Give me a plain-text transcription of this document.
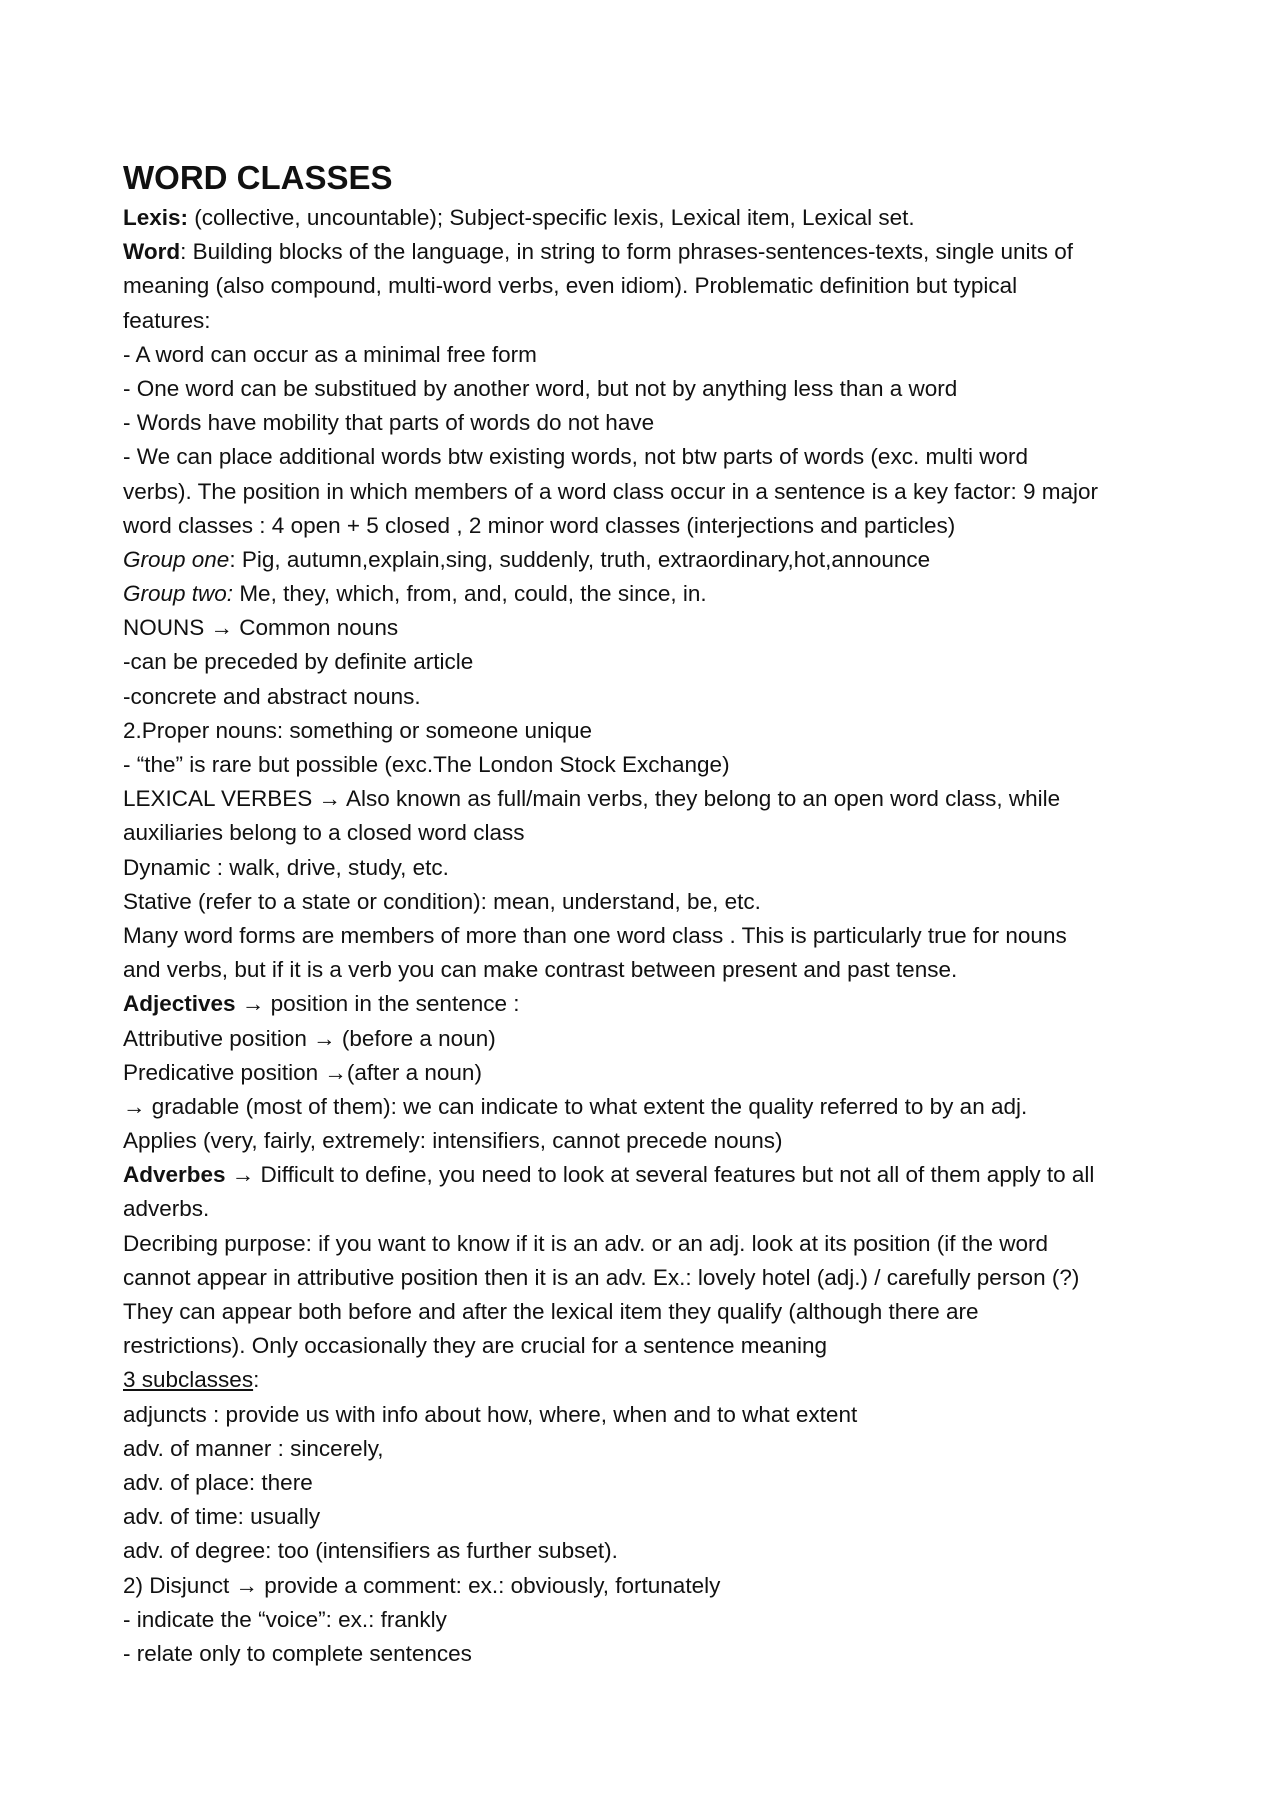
WORD CLASSES
Lexis: (collective, uncountable); Subject-specific lexis, Lexical item, Lexical set.
Word: Building blocks of the language, in string to form phrases-sentences-texts, single units of
meaning (also compound, multi-word verbs, even idiom). Problematic definition but typical
features:
- A word can occur as a minimal free form
- One word can be substitued by another word, but not by anything less than a word
- Words have mobility that parts of words do not have
- We can place additional words btw existing words, not btw parts of words (exc. multi word
verbs). The position in which members of a word class occur in a sentence is a key factor: 9 major
word classes : 4 open + 5 closed , 2 minor word classes (interjections and particles)
Group one: Pig, autumn,explain,sing, suddenly, truth, extraordinary,hot,announce
Group two: Me, they, which, from, and, could, the since, in.
NOUNS → Common nouns
-can be preceded by definite article
-concrete and abstract nouns.
2.Proper nouns: something or someone unique
- “the” is rare but possible (exc.The London Stock Exchange)
LEXICAL VERBES → Also known as full/main verbs, they belong to an open word class, while
auxiliaries belong to a closed word class
Dynamic : walk, drive, study, etc.
Stative (refer to a state or condition): mean, understand, be, etc.
Many word forms are members of more than one word class . This is particularly true for nouns
and verbs, but if it is a verb you can make contrast between present and past tense.
Adjectives → position in the sentence :
Attributive position → (before a noun)
Predicative position →(after a noun)
→ gradable (most of them): we can indicate to what extent the quality referred to by an adj.
Applies (very, fairly, extremely: intensifiers, cannot precede nouns)
Adverbes → Difficult to define, you need to look at several features but not all of them apply to all
adverbs.
Decribing purpose: if you want to know if it is an adv. or an adj. look at its position (if the word
cannot appear in attributive position then it is an adv. Ex.: lovely hotel (adj.) / carefully person (?)
They can appear both before and after the lexical item they qualify (although there are
restrictions). Only occasionally they are crucial for a sentence meaning
3 subclasses:
adjuncts : provide us with info about how, where, when and to what extent
adv. of manner : sincerely,
adv. of place: there
adv. of time: usually
adv. of degree: too (intensifiers as further subset).
2) Disjunct → provide a comment: ex.: obviously, fortunately
- indicate the “voice”: ex.: frankly
- relate only to complete sentences
